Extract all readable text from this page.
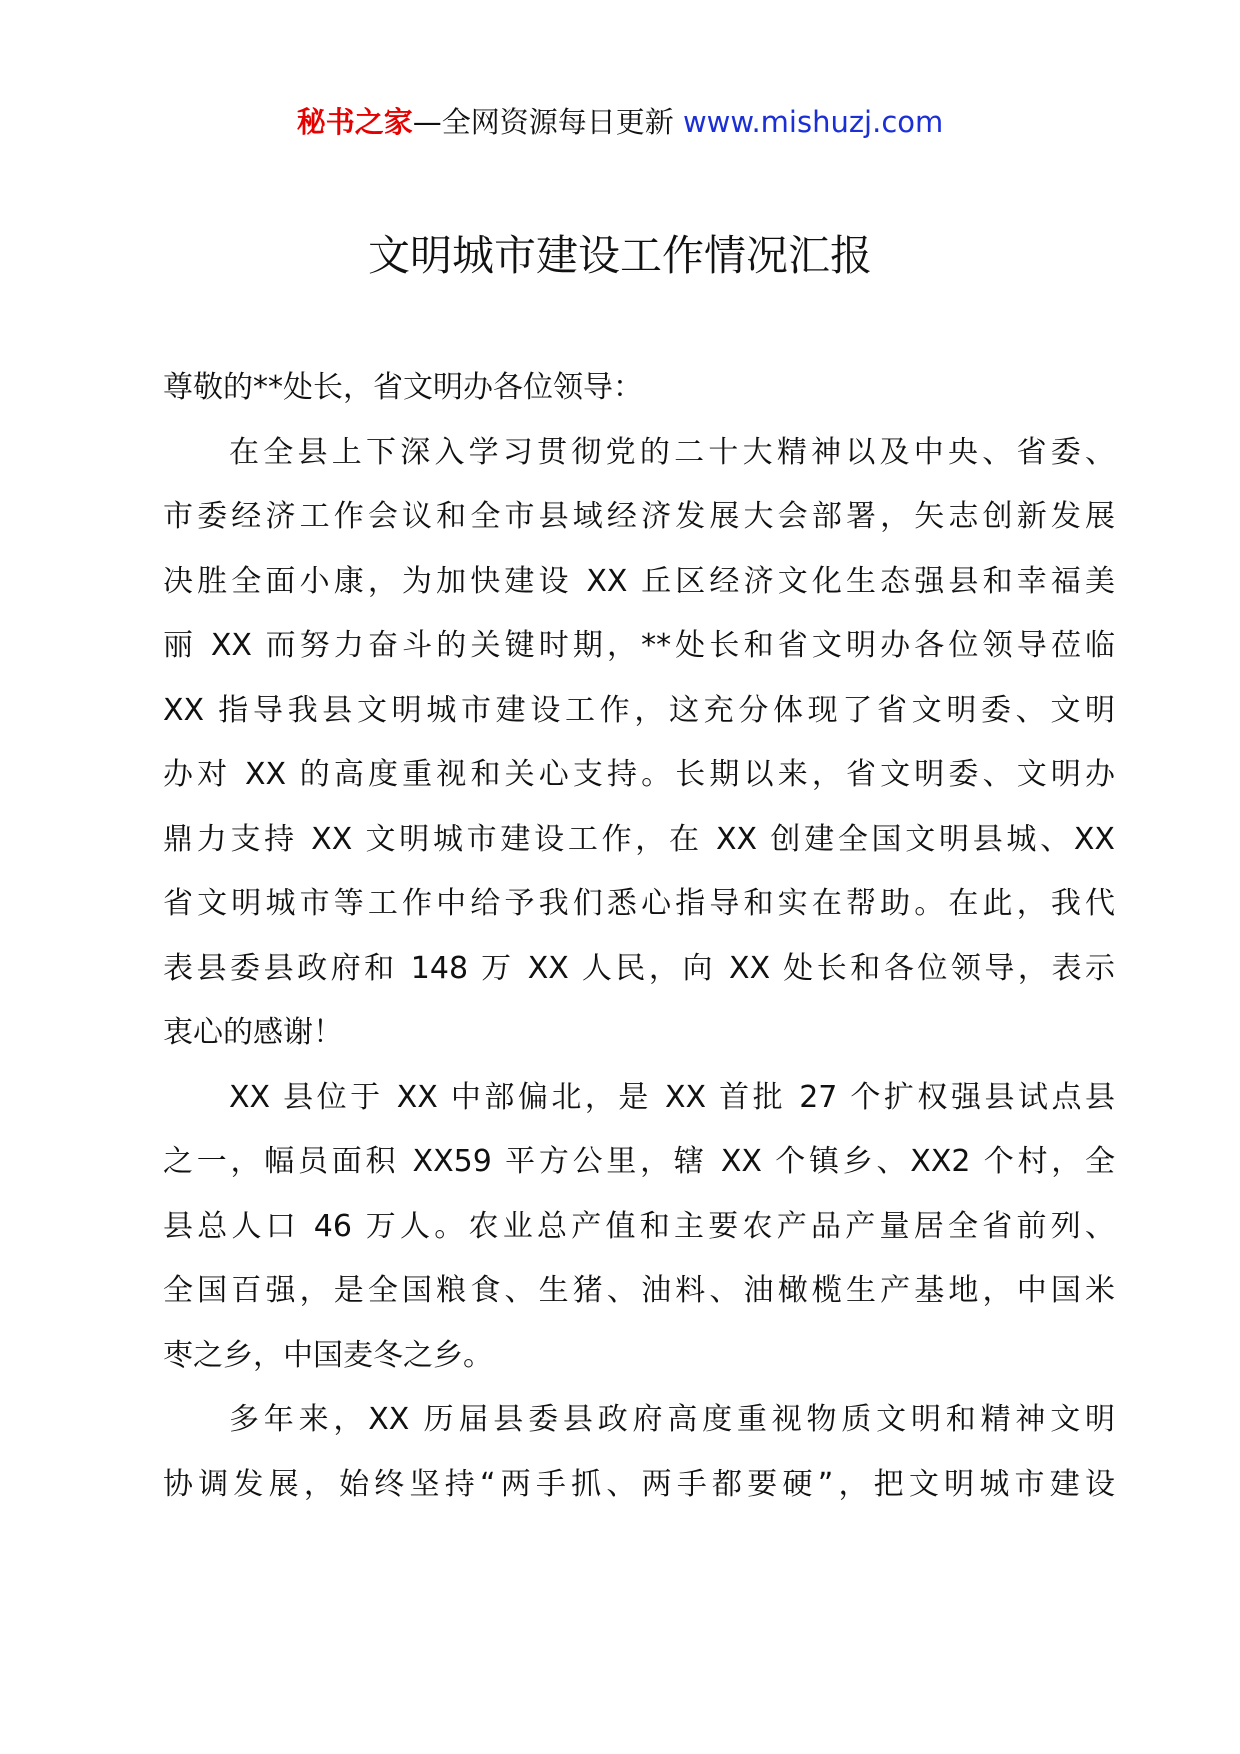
秘书之家—全网资源每日更新 www.mishuzj.com
文明城市建设工作情况汇报
尊敬的**处长，省文明办各位领导：
在全县上下深入学习贯彻党的二十大精神以及中央、省委、
市委经济工作会议和全市县域经济发展大会部署，矢志创新发展
决胜全面小康，为加快建设 XX 丘区经济文化生态强县和幸福美
丽 XX 而努力奋斗的关键时期，**处长和省文明办各位领导莅临
XX 指导我县文明城市建设工作，这充分体现了省文明委、文明
办对 XX 的高度重视和关心支持。长期以来，省文明委、文明办
鼎力支持 XX 文明城市建设工作，在 XX 创建全国文明县城、XX
省文明城市等工作中给予我们悉心指导和实在帮助。在此，我代
表县委县政府和 148 万 XX 人民，向 XX 处长和各位领导，表示
衷心的感谢！
XX 县位于 XX 中部偏北，是 XX 首批 27 个扩权强县试点县
之一，幅员面积 XX59 平方公里，辖 XX 个镇乡、XX2 个村，全
县总人口 46 万人。农业总产值和主要农产品产量居全省前列、
全国百强，是全国粮食、生猪、油料、油橄榄生产基地，中国米
枣之乡，中国麦冬之乡。
多年来，XX 历届县委县政府高度重视物质文明和精神文明
协调发展，始终坚持“两手抓、两手都要硬”，把文明城市建设
